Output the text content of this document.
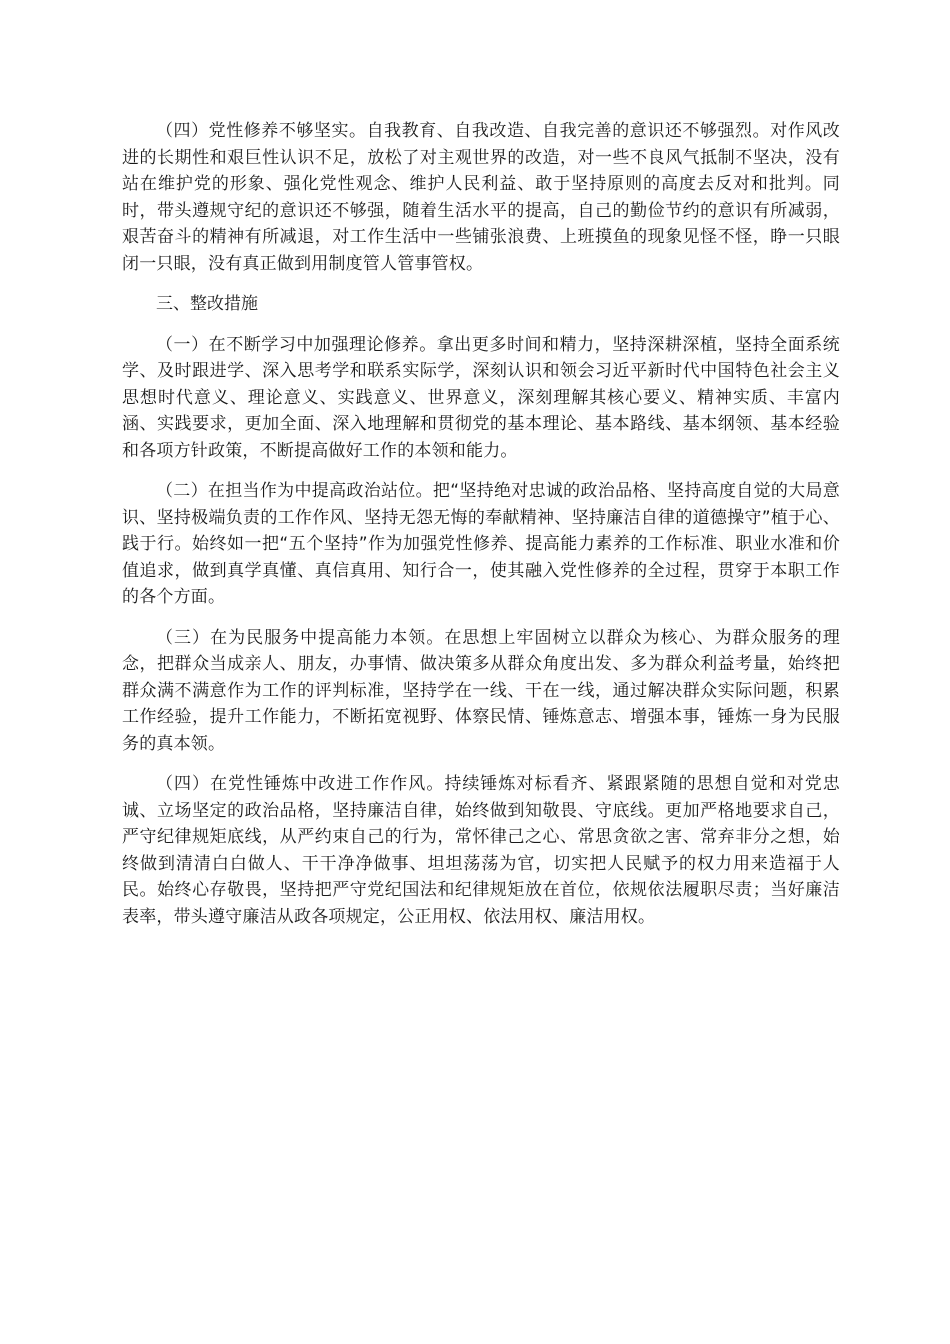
（四）党性修养不够坚实。自我教育、自我改造、自我完善的意识还不够强烈。对作风改进的长期性和艰巨性认识不足，放松了对主观世界的改造，对一些不良风气抵制不坚决，没有站在维护党的形象、强化党性观念、维护人民利益、敢于坚持原则的高度去反对和批判。同时，带头遵规守纪的意识还不够强，随着生活水平的提高，自己的勤俭节约的意识有所减弱，艰苦奋斗的精神有所减退，对工作生活中一些铺张浪费、上班摸鱼的现象见怪不怪，睁一只眼闭一只眼，没有真正做到用制度管人管事管权。

三、整改措施

（一）在不断学习中加强理论修养。拿出更多时间和精力，坚持深耕深植，坚持全面系统学、及时跟进学、深入思考学和联系实际学，深刻认识和领会习近平新时代中国特色社会主义思想时代意义、理论意义、实践意义、世界意义，深刻理解其核心要义、精神实质、丰富内涵、实践要求，更加全面、深入地理解和贯彻党的基本理论、基本路线、基本纲领、基本经验和各项方针政策，不断提高做好工作的本领和能力。

（二）在担当作为中提高政治站位。把“坚持绝对忠诚的政治品格、坚持高度自觉的大局意识、坚持极端负责的工作作风、坚持无怨无悔的奉献精神、坚持廉洁自律的道德操守”植于心、践于行。始终如一把“五个坚持”作为加强党性修养、提高能力素养的工作标准、职业水准和价值追求，做到真学真懂、真信真用、知行合一，使其融入党性修养的全过程，贯穿于本职工作的各个方面。

（三）在为民服务中提高能力本领。在思想上牢固树立以群众为核心、为群众服务的理念，把群众当成亲人、朋友，办事情、做决策多从群众角度出发、多为群众利益考量，始终把群众满不满意作为工作的评判标准，坚持学在一线、干在一线，通过解决群众实际问题，积累工作经验，提升工作能力，不断拓宽视野、体察民情、锤炼意志、增强本事，锤炼一身为民服务的真本领。

（四）在党性锤炼中改进工作作风。持续锤炼对标看齐、紧跟紧随的思想自觉和对党忠诚、立场坚定的政治品格，坚持廉洁自律，始终做到知敬畏、守底线。更加严格地要求自己，严守纪律规矩底线，从严约束自己的行为，常怀律己之心、常思贪欲之害、常弃非分之想，始终做到清清白白做人、干干净净做事、坦坦荡荡为官，切实把人民赋予的权力用来造福于人民。始终心存敬畏，坚持把严守党纪国法和纪律规矩放在首位，依规依法履职尽责；当好廉洁表率，带头遵守廉洁从政各项规定，公正用权、依法用权、廉洁用权。
